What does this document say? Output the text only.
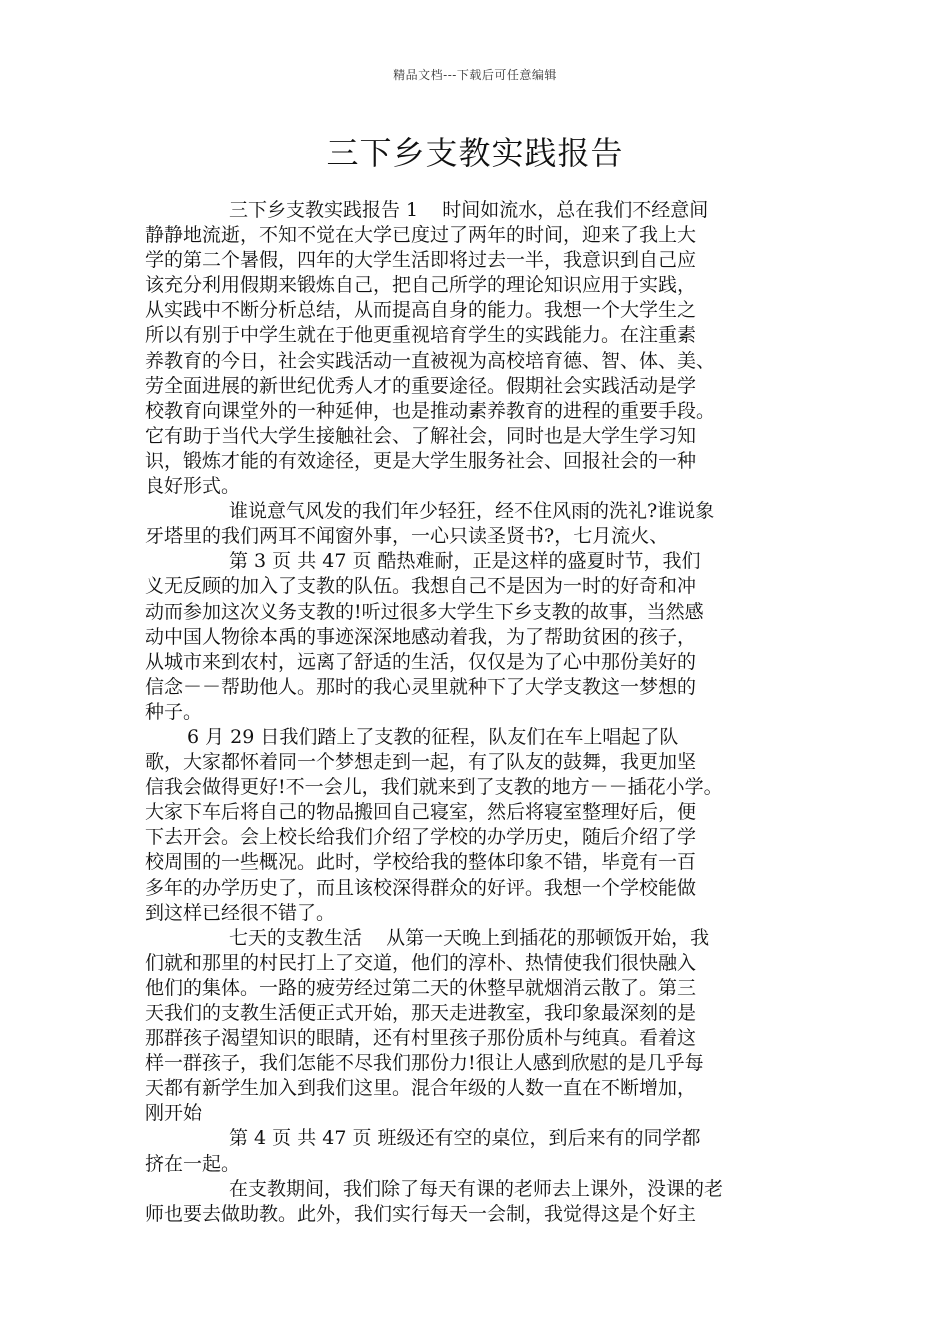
精品文档---下载后可任意编辑
三下乡支教实践报告
三下乡支教实践报告 1    时间如流水，总在我们不经意间
静静地流逝，不知不觉在大学已度过了两年的时间，迎来了我上大
学的第二个暑假，四年的大学生活即将过去一半，我意识到自己应
该充分利用假期来锻炼自己，把自己所学的理论知识应用于实践，
从实践中不断分析总结，从而提高自身的能力。我想一个大学生之
所以有别于中学生就在于他更重视培育学生的实践能力。在注重素
养教育的今日，社会实践活动一直被视为高校培育德、智、体、美、
劳全面进展的新世纪优秀人才的重要途径。假期社会实践活动是学
校教育向课堂外的一种延伸，也是推动素养教育的进程的重要手段。
它有助于当代大学生接触社会、了解社会，同时也是大学生学习知
识，锻炼才能的有效途径，更是大学生服务社会、回报社会的一种
良好形式。
谁说意气风发的我们年少轻狂，经不住风雨的洗礼?谁说象
牙塔里的我们两耳不闻窗外事，一心只读圣贤书?，七月流火、
第 3 页 共 47 页 酷热难耐，正是这样的盛夏时节，我们
义无反顾的加入了支教的队伍。我想自己不是因为一时的好奇和冲
动而参加这次义务支教的!听过很多大学生下乡支教的故事，当然感
动中国人物徐本禹的事迹深深地感动着我，为了帮助贫困的孩子，
从城市来到农村，远离了舒适的生活，仅仅是为了心中那份美好的
信念－－帮助他人。那时的我心灵里就种下了大学支教这一梦想的
种子。
6 月 29 日我们踏上了支教的征程，队友们在车上唱起了队
歌，大家都怀着同一个梦想走到一起，有了队友的鼓舞，我更加坚
信我会做得更好!不一会儿，我们就来到了支教的地方－－插花小学。
大家下车后将自己的物品搬回自己寝室，然后将寝室整理好后，便
下去开会。会上校长给我们介绍了学校的办学历史，随后介绍了学
校周围的一些概况。此时，学校给我的整体印象不错，毕竟有一百
多年的办学历史了，而且该校深得群众的好评。我想一个学校能做
到这样已经很不错了。
七天的支教生活    从第一天晚上到插花的那顿饭开始，我
们就和那里的村民打上了交道，他们的淳朴、热情使我们很快融入
他们的集体。一路的疲劳经过第二天的休整早就烟消云散了。第三
天我们的支教生活便正式开始，那天走进教室，我印象最深刻的是
那群孩子渴望知识的眼睛，还有村里孩子那份质朴与纯真。看着这
样一群孩子，我们怎能不尽我们那份力!很让人感到欣慰的是几乎每
天都有新学生加入到我们这里。混合年级的人数一直在不断增加，
刚开始
第 4 页 共 47 页 班级还有空的桌位，到后来有的同学都
挤在一起。
在支教期间，我们除了每天有课的老师去上课外，没课的老
师也要去做助教。此外，我们实行每天一会制，我觉得这是个好主
